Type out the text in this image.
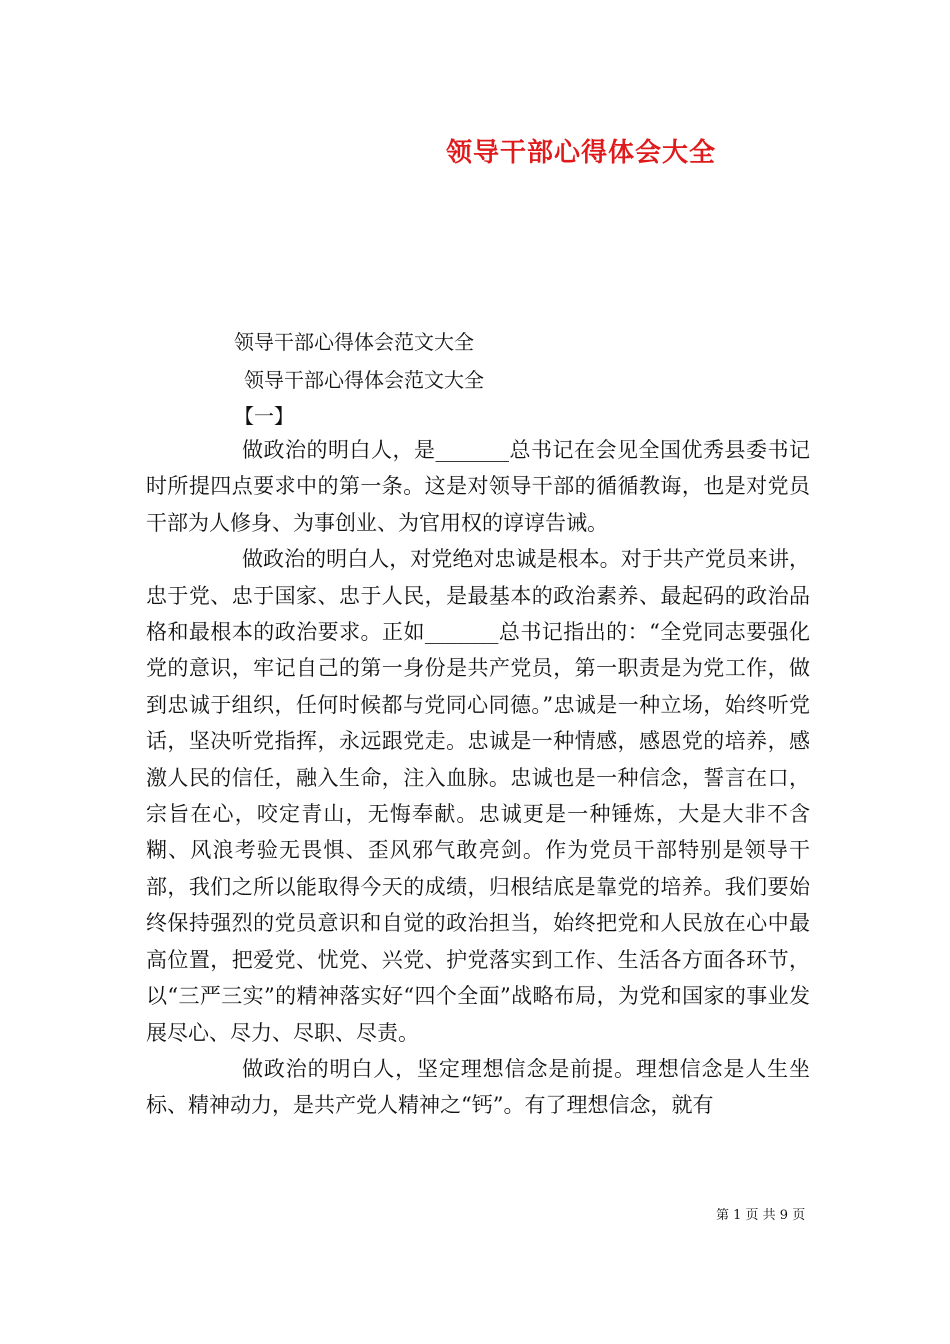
领导干部心得体会大全
领导干部心得体会范文大全
领导干部心得体会范文大全
【一】

做政治的明白人，是_______总书记在会见全国优秀县委书记时所提四点要求中的第一条。这是对领导干部的循循教诲，也是对党员干部为人修身、为事创业、为官用权的谆谆告诫。

做政治的明白人，对党绝对忠诚是根本。对于共产党员来讲，忠于党、忠于国家、忠于人民，是最基本的政治素养、最起码的政治品格和最根本的政治要求。正如_______总书记指出的：“全党同志要强化党的意识，牢记自己的第一身份是共产党员，第一职责是为党工作，做到忠诚于组织，任何时候都与党同心同德。”忠诚是一种立场，始终听党话，坚决听党指挥，永远跟党走。忠诚是一种情感，感恩党的培养，感激人民的信任，融入生命，注入血脉。忠诚也是一种信念，誓言在口，宗旨在心，咬定青山，无悔奉献。忠诚更是一种锤炼，大是大非不含糊、风浪考验无畏惧、歪风邪气敢亮剑。作为党员干部特别是领导干部，我们之所以能取得今天的成绩，归根结底是靠党的培养。我们要始终保持强烈的党员意识和自觉的政治担当，始终把党和人民放在心中最高位置，把爱党、忧党、兴党、护党落实到工作、生活各方面各环节，以“三严三实”的精神落实好“四个全面”战略布局，为党和国家的事业发展尽心、尽力、尽职、尽责。

做政治的明白人，坚定理想信念是前提。理想信念是人生坐标、精神动力，是共产党人精神之“钙”。有了理想信念，就有

第 1 页 共 9 页
